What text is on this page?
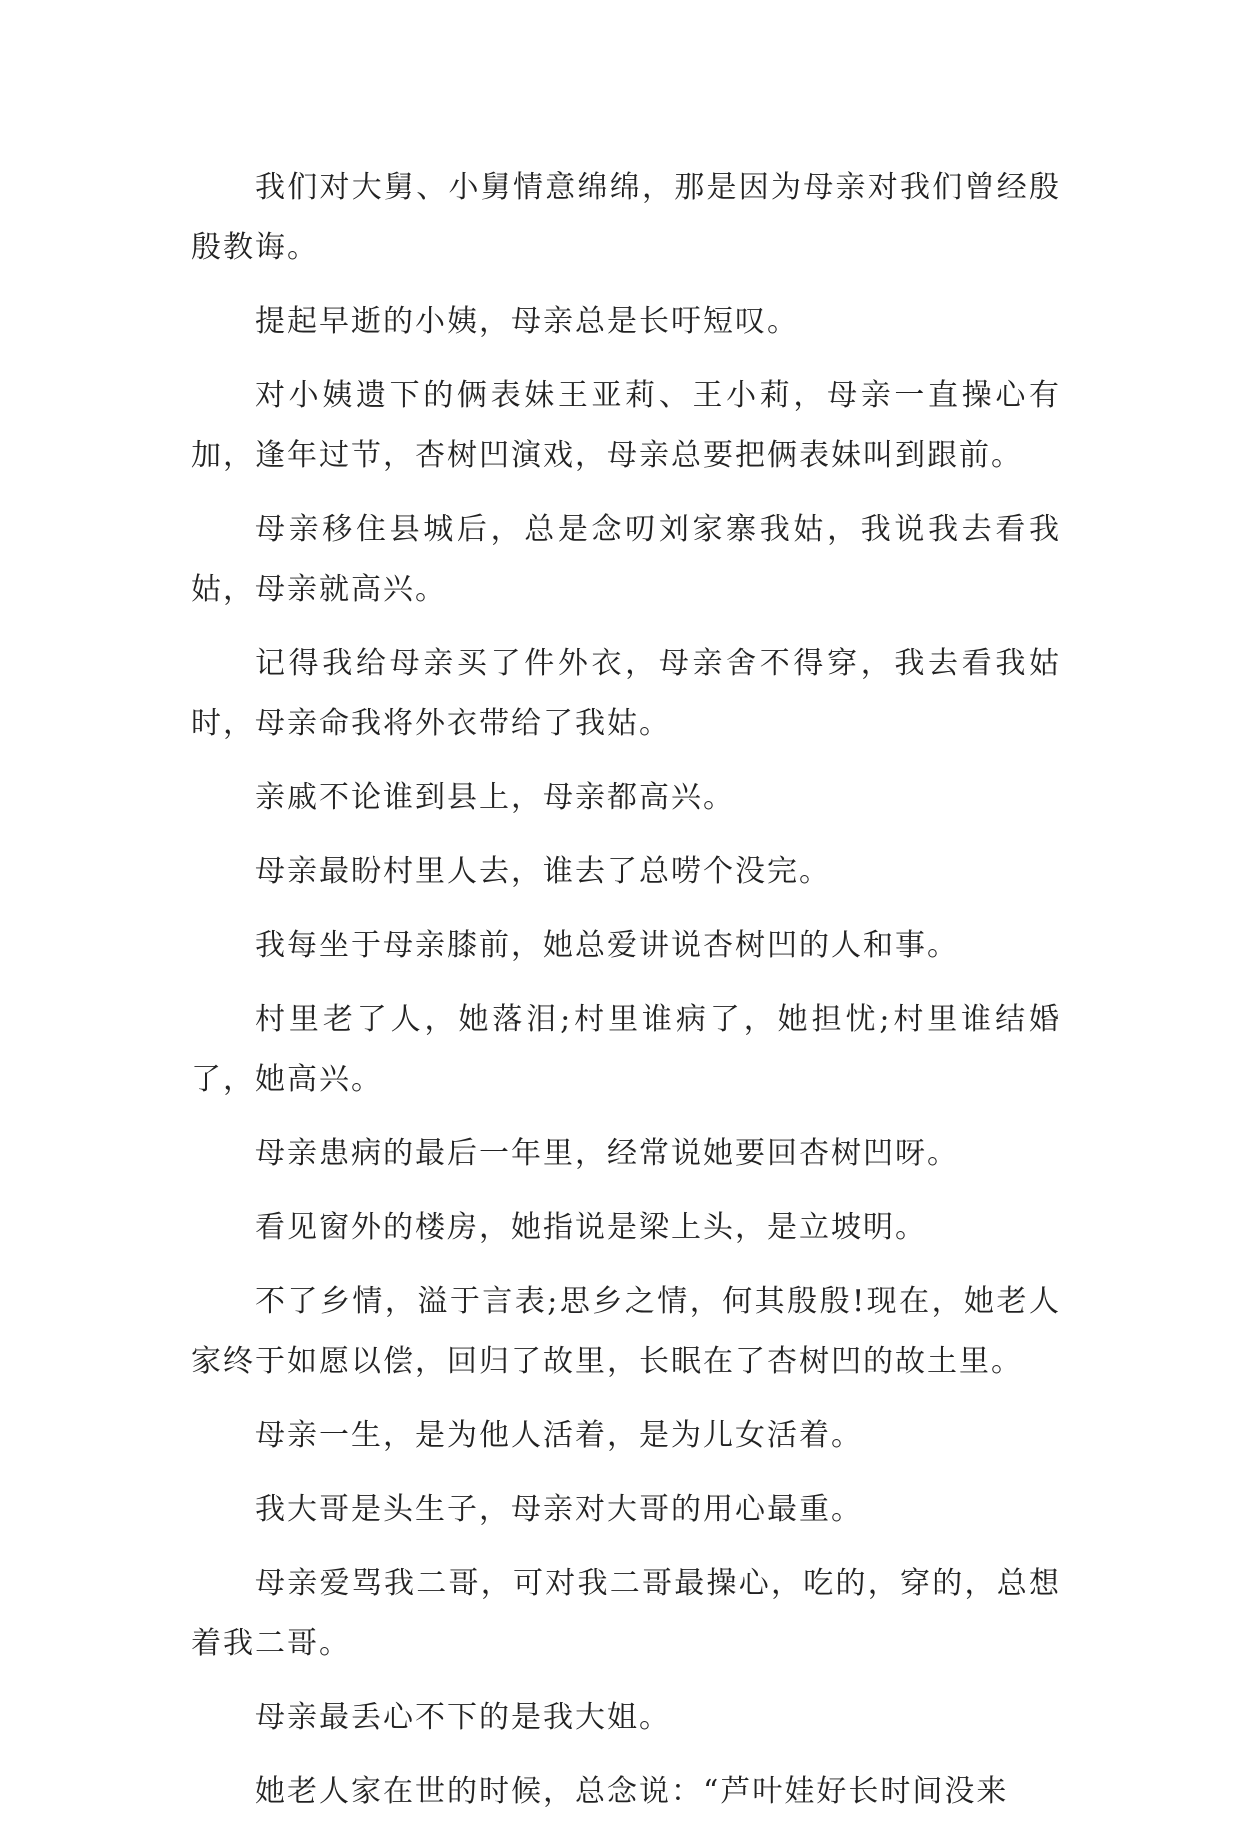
我们对大舅、小舅情意绵绵，那是因为母亲对我们曾经殷殷教诲。

提起早逝的小姨，母亲总是长吁短叹。

对小姨遗下的俩表妹王亚莉、王小莉，母亲一直操心有加，逢年过节，杏树凹演戏，母亲总要把俩表妹叫到跟前。

母亲移住县城后，总是念叨刘家寨我姑，我说我去看我姑，母亲就高兴。

记得我给母亲买了件外衣，母亲舍不得穿，我去看我姑时，母亲命我将外衣带给了我姑。

亲戚不论谁到县上，母亲都高兴。

母亲最盼村里人去，谁去了总唠个没完。

我每坐于母亲膝前，她总爱讲说杏树凹的人和事。

村里老了人，她落泪;村里谁病了，她担忧;村里谁结婚了，她高兴。

母亲患病的最后一年里，经常说她要回杏树凹呀。

看见窗外的楼房，她指说是梁上头，是立坡明。

不了乡情，溢于言表;思乡之情，何其殷殷!现在，她老人家终于如愿以偿，回归了故里，长眠在了杏树凹的故土里。

母亲一生，是为他人活着，是为儿女活着。

我大哥是头生子，母亲对大哥的用心最重。

母亲爱骂我二哥，可对我二哥最操心，吃的，穿的，总想着我二哥。

母亲最丢心不下的是我大姐。

她老人家在世的时候，总念说：“芦叶娃好长时间没来
